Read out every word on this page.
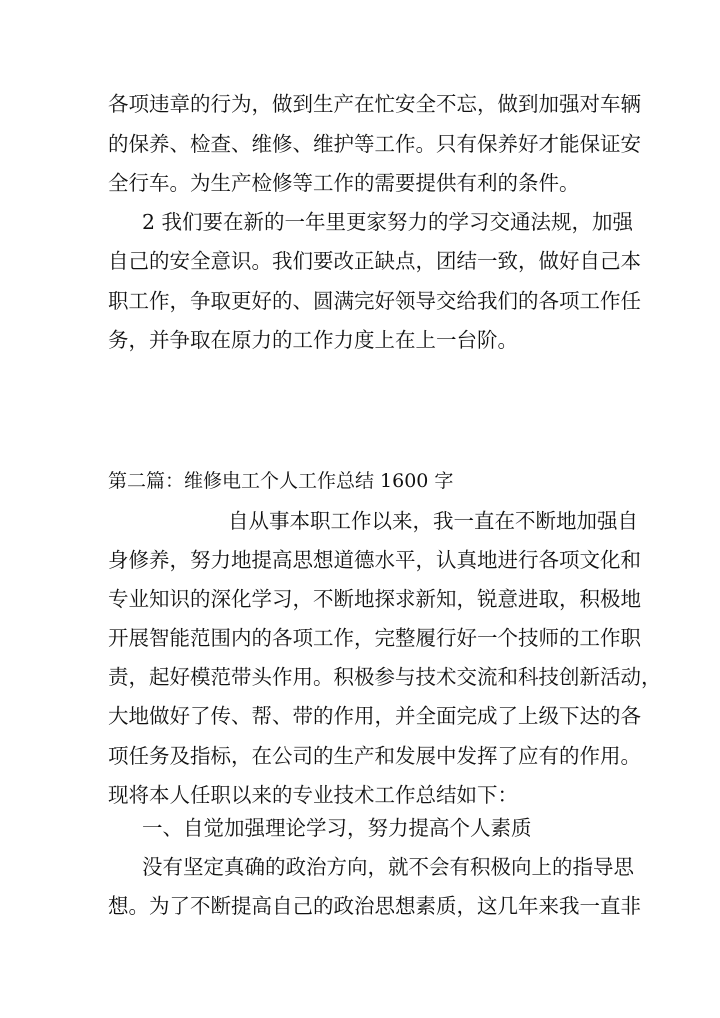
各项违章的行为，做到生产在忙安全不忘，做到加强对车辆
的保养、检查、维修、维护等工作。只有保养好才能保证安
全行车。为生产检修等工作的需要提供有利的条件。
2 我们要在新的一年里更家努力的学习交通法规，加强
自己的安全意识。我们要改正缺点，团结一致，做好自己本
职工作，争取更好的、圆满完好领导交给我们的各项工作任
务，并争取在原力的工作力度上在上一台阶。
第二篇：维修电工个人工作总结 1600 字
自从事本职工作以来，我一直在不断地加强自
身修养，努力地提高思想道德水平，认真地进行各项文化和
专业知识的深化学习，不断地探求新知，锐意进取，积极地
开展智能范围内的各项工作，完整履行好一个技师的工作职
责，起好模范带头作用。积极参与技术交流和科技创新活动，
大地做好了传、帮、带的作用，并全面完成了上级下达的各
项任务及指标，在公司的生产和发展中发挥了应有的作用。
现将本人任职以来的专业技术工作总结如下：
一、自觉加强理论学习，努力提高个人素质
没有坚定真确的政治方向，就不会有积极向上的指导思
想。为了不断提高自己的政治思想素质，这几年来我一直非
